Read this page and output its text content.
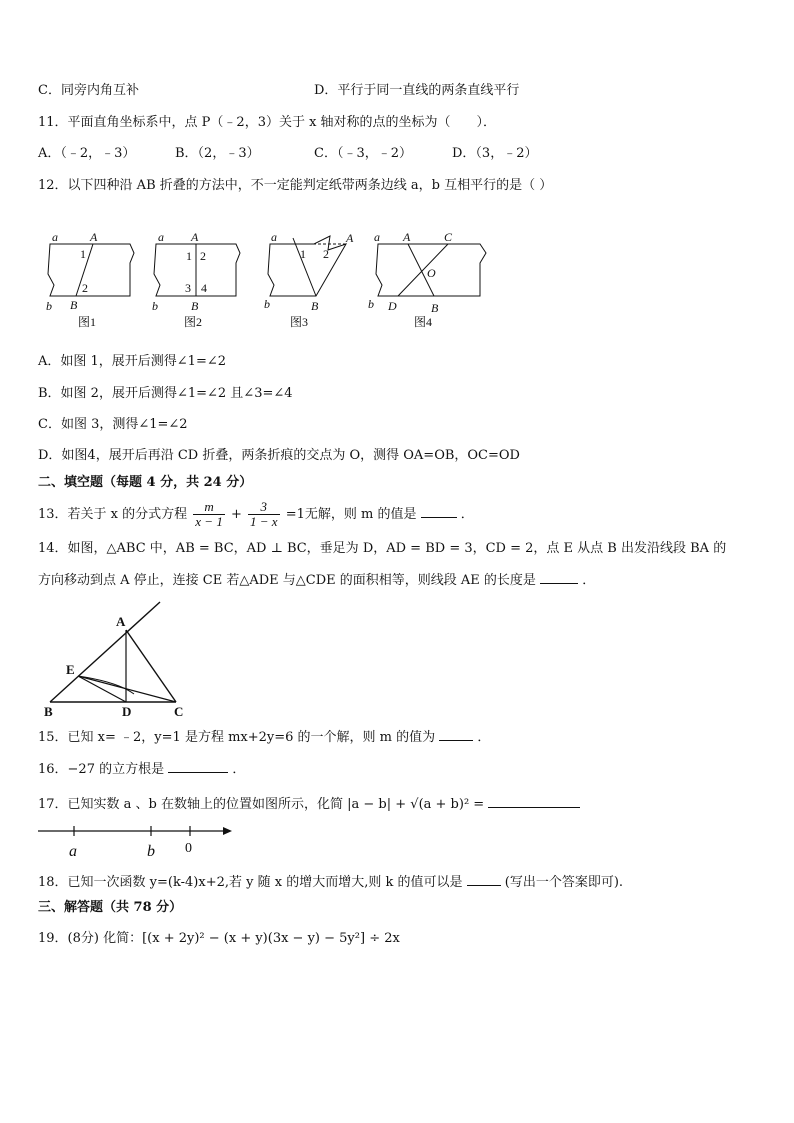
C．同旁内角互补	D．平行于同一直线的两条直线平行
11．平面直角坐标系中，点 P（﹣2，3）关于 x 轴对称的点的坐标为（　　）．
A．（﹣2，﹣3）	B．（2，﹣3）	C．（﹣3，﹣2）	D．（3，﹣2）
12．以下四种沿 AB 折叠的方法中，不一定能判定纸带两条边线 a，b 互相平行的是（ ）
a	A
1
2
b B
图1
a A
1 2
3 4
b	B
图2
a	A
1 2
b	B
图3
a A	C
O
b D	B
图4
A．如图 1，展开后测得∠1=∠2
B．如图 2，展开后测得∠1=∠2 且∠3=∠4
C．如图 3，测得∠1=∠2
D．如图4，展开后再沿 CD 折叠，两条折痕的交点为 O，测得 OA=OB，OC=OD
二、填空题（每题 4 分，共 24 分）
13．若关于 x 的分式方程 $\frac{m}{x - 1} + \frac{3}{1 - x} =1$无解，则 m 的值是	．
14．如图，△ABC 中，AB = BC，AD ⊥ BC，垂足为 D，AD = BD = 3，CD = 2，点 E 从点 B 出发沿线段 BA 的
方向移动到点 A 停止，连接 CE 若△ADE 与△CDE 的面积相等，则线段 AE 的长度是	．
A
E
B	D	C
15．已知 x= ﹣2，y=1 是方程 mx+2y=6 的一个解，则 m 的值为	．
16．−27 的立方根是	．
17．已知实数 a 、b 在数轴上的位置如图所示，化简 |a − b| + √(a + b)² =
a	b 0
18．已知一次函数 y=(k-4)x+2,若 y 随 x 的增大而增大,则 k 的值可以是	(写出一个答案即可).
三、解答题（共 78 分）
19．(8分) 化简：[(x + 2y)² − (x + y)(3x − y) − 5y²] ÷ 2x
